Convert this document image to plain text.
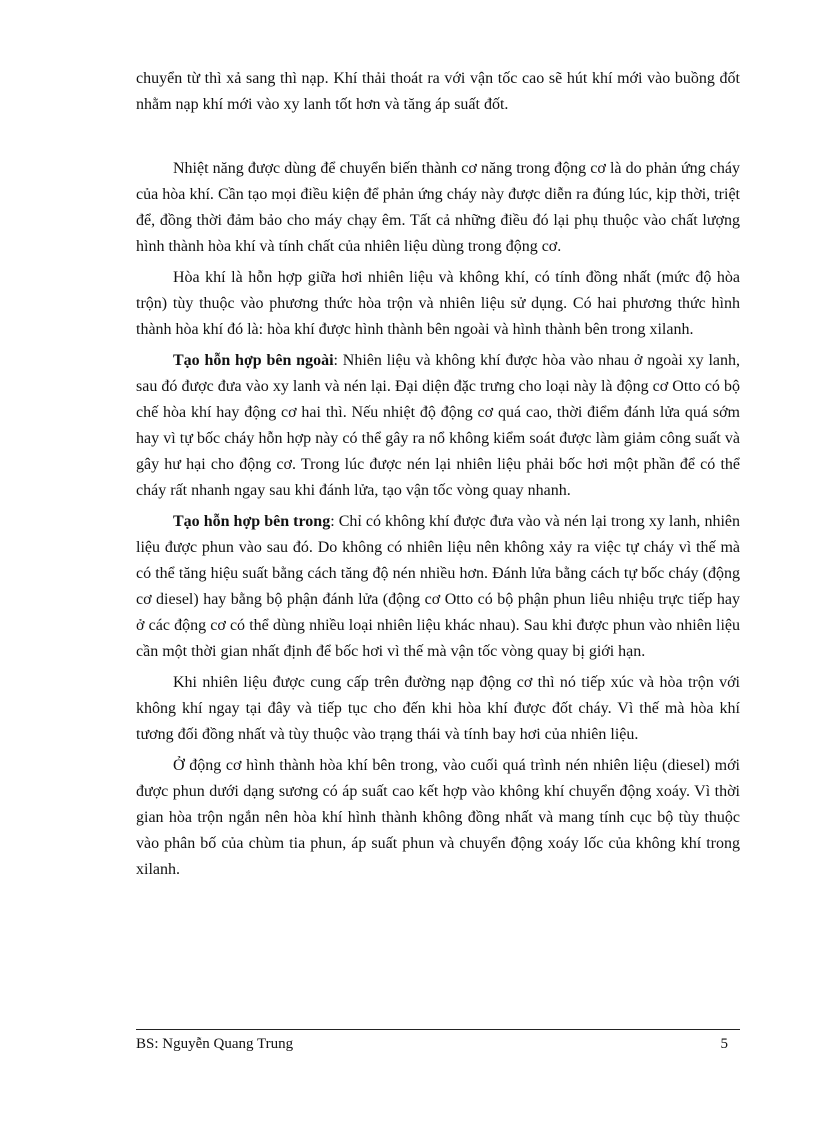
chuyển từ thì xả sang thì nạp. Khí thải thoát ra với vận tốc cao sẽ hút khí mới vào buồng đốt nhằm nạp khí mới vào xy lanh tốt hơn và tăng áp suất đốt.

Nhiệt năng được dùng để chuyển biến thành cơ năng trong động cơ là do phản ứng cháy của hòa khí. Cần tạo mọi điều kiện để phản ứng cháy này được diễn ra đúng lúc, kịp thời, triệt để, đồng thời đảm bảo cho máy chạy êm. Tất cả những điều đó lại phụ thuộc vào chất lượng hình thành hòa khí và tính chất của nhiên liệu dùng trong động cơ.

Hòa khí là hỗn hợp giữa hơi nhiên liệu và không khí, có tính đồng nhất (mức độ hòa trộn) tùy thuộc vào phương thức hòa trộn và nhiên liệu sử dụng. Có hai phương thức hình thành hòa khí đó là: hòa khí được hình thành bên ngoài và hình thành bên trong xilanh.

Tạo hỗn hợp bên ngoài: Nhiên liệu và không khí được hòa vào nhau ở ngoài xy lanh, sau đó được đưa vào xy lanh và nén lại. Đại diện đặc trưng cho loại này là động cơ Otto có bộ chế hòa khí hay động cơ hai thì. Nếu nhiệt độ động cơ quá cao, thời điểm đánh lửa quá sớm hay vì tự bốc cháy hỗn hợp này có thể gây ra nổ không kiểm soát được làm giảm công suất và gây hư hại cho động cơ. Trong lúc được nén lại nhiên liệu phải bốc hơi một phần để có thể cháy rất nhanh ngay sau khi đánh lửa, tạo vận tốc vòng quay nhanh.

Tạo hỗn hợp bên trong: Chỉ có không khí được đưa vào và nén lại trong xy lanh, nhiên liệu được phun vào sau đó. Do không có nhiên liệu nên không xảy ra việc tự cháy vì thế mà có thể tăng hiệu suất bằng cách tăng độ nén nhiều hơn. Đánh lửa bằng cách tự bốc cháy (động cơ diesel) hay bằng bộ phận đánh lửa (động cơ Otto có bộ phận phun liêu nhiệu trực tiếp hay ở các động cơ có thể dùng nhiều loại nhiên liệu khác nhau). Sau khi được phun vào nhiên liệu cần một thời gian nhất định để bốc hơi vì thế mà vận tốc vòng quay bị giới hạn.

Khi nhiên liệu được cung cấp trên đường nạp động cơ thì nó tiếp xúc và hòa trộn với không khí ngay tại đây và tiếp tục cho đến khi hòa khí được đốt cháy. Vì thế mà hòa khí tương đối đồng nhất và tùy thuộc vào trạng thái và tính bay hơi của nhiên liệu.

Ở động cơ hình thành hòa khí bên trong, vào cuối quá trình nén nhiên liệu (diesel) mới được phun dưới dạng sương có áp suất cao kết hợp vào không khí chuyển động xoáy. Vì thời gian hòa trộn ngắn nên hòa khí hình thành không đồng nhất và mang tính cục bộ tùy thuộc vào phân bố của chùm tia phun, áp suất phun và chuyển động xoáy lốc của không khí trong xilanh.

BS: Nguyễn Quang Trung	5
